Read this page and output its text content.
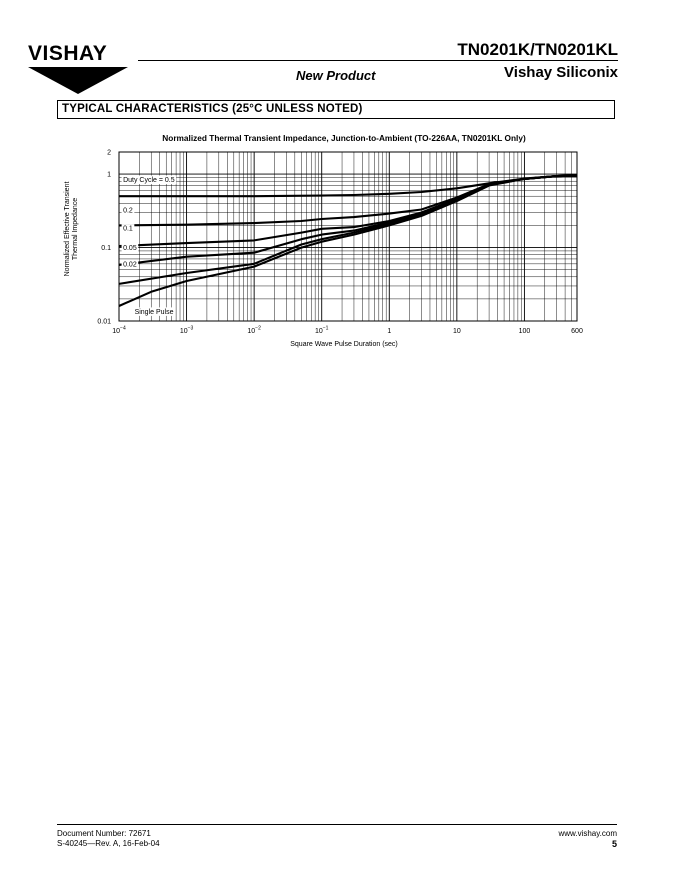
VISHAY	TN0201K/TN0201KL
Vishay Siliconix
New Product
TYPICAL CHARACTERISTICS (25°C UNLESS NOTED)
Normalized Thermal Transient Impedance, Junction-to-Ambient (TO-226AA, TN0201KL Only)
Duty Cycle = 0.5
0.2
0.1
0.05
0.02
Single Pulse
$10^{-4}$	$10^{-3}$	$10^{-2}$	$10^{-1}$	1	10	100	600
2
1
0.1
0.01
Square Wave Pulse Duration (sec)
Normalized Effective Transient Thermal Impedance
Document Number: 72671
S-40245—Rev. A, 16-Feb-04
www.vishay.com
5
